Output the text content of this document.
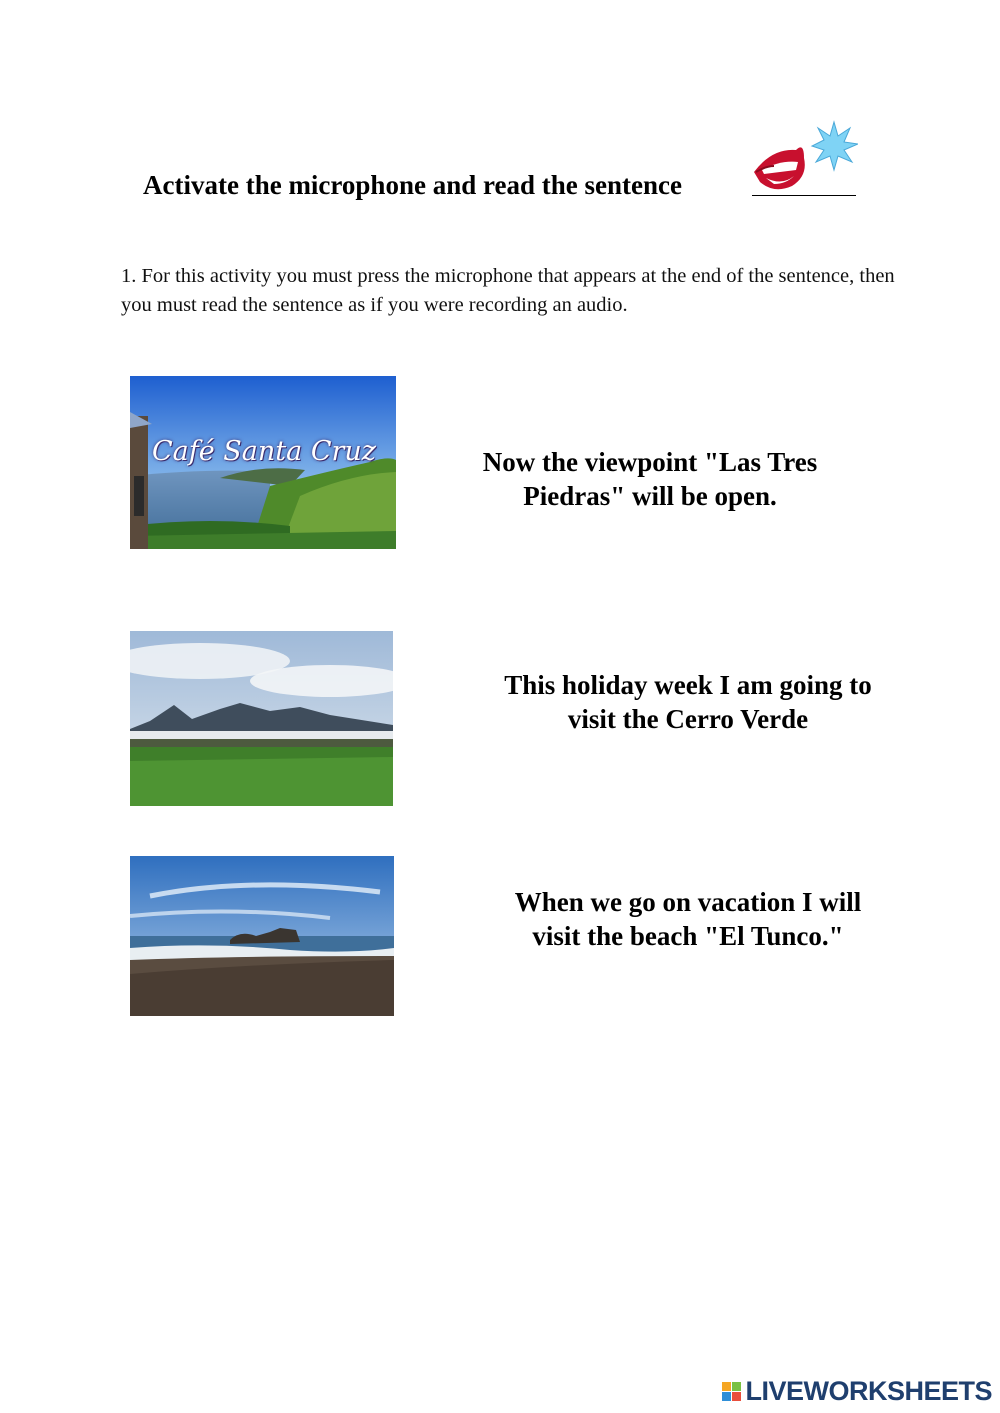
Activate the microphone and read the sentence
1. For this activity you must press the microphone that appears at the end of the sentence, then you must read the sentence as if you were recording an audio.
Café Santa Cruz	Now the viewpoint "Las Tres Piedras" will be open.
This holiday week I am going to visit the Cerro Verde
When we go on vacation I will visit the beach "El Tunco."
LIVEWORKSHEETS
